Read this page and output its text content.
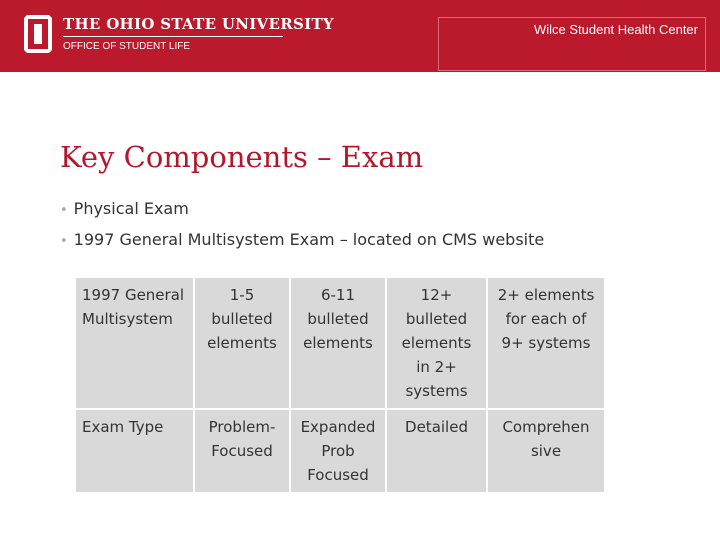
THE OHIO STATE UNIVERSITY
OFFICE OF STUDENT LIFE
Wilce Student Health Center
Key Components – Exam
• Physical Exam
• 1997 General Multisystem Exam – located on CMS website
1997 General Multisystem	1-5 bulleted elements	6-11 bulleted elements	12+ bulleted elements in 2+ systems	2+ elements for each of 9+ systems
Exam Type	Problem-Focused	Expanded Prob Focused	Detailed	Comprehen sive
